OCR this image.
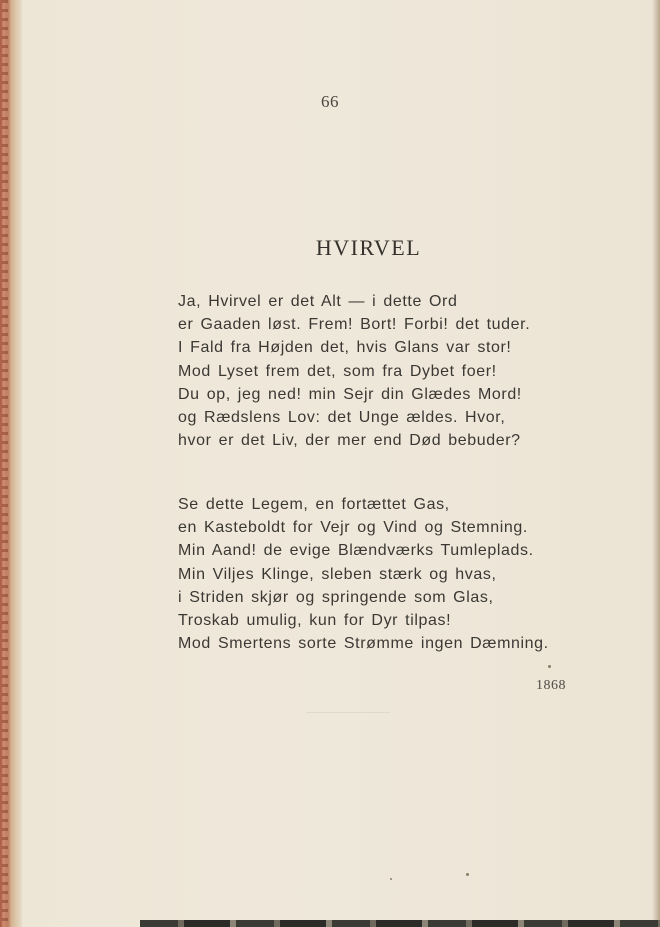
66
HVIRVEL
Ja, Hvirvel er det Alt — i dette Ord
er Gaaden løst. Frem! Bort! Forbi! det tuder.
I Fald fra Højden det, hvis Glans var stor!
Mod Lyset frem det, som fra Dybet foer!
Du op, jeg ned! min Sejr din Glædes Mord!
og Rædslens Lov: det Unge ældes. Hvor,
hvor er det Liv, der mer end Død bebuder?
Se dette Legem, en fortættet Gas,
en Kasteboldt for Vejr og Vind og Stemning.
Min Aand! de evige Blændværks Tumleplads.
Min Viljes Klinge, sleben stærk og hvas,
i Striden skjør og springende som Glas,
Troskab umulig, kun for Dyr tilpas!
Mod Smertens sorte Strømme ingen Dæmning.
1868
